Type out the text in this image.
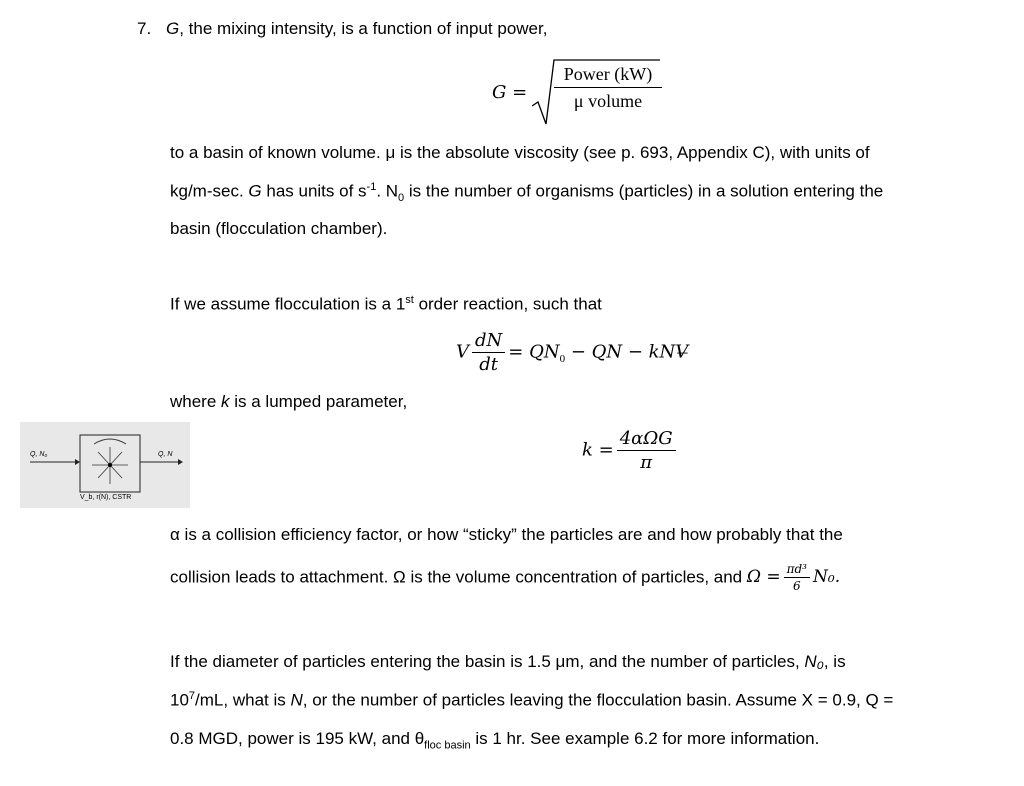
7. G, the mixing intensity, is a function of input power,
G =
Power (kW)
μ volume
to a basin of known volume. μ is the absolute viscosity (see p. 693, Appendix C), with units of
kg/m-sec. G has units of $s^{-1}$. $N_0$ is the number of organisms (particles) in a solution entering the
basin (flocculation chamber).
If we assume flocculation is a 1st order reaction, such that
V $\frac{dN}{dt} = QN_0$ − QN − kNV̶
where k is a lumped parameter,
$k = \frac{\text{4αΩG}}{\pi}$
Q, N₀	Q, N
V_b, r(N), CSTR
α is a collision efficiency factor, or how “sticky” the particles are and how probably that the
collision leads to attachment. Ω is the volume concentration of particles, and $\Omega = \frac{\text{πd³}}{6} N_0$.
If the diameter of particles entering the basin is 1.5 μm, and the number of particles, N₀, is
$10^7/mL$, what is N, or the number of particles leaving the flocculation basin. Assume X = 0.9, Q =
0.8 MGD, power is 195 kW, and $\theta_{floc basin}$ is 1 hr. See example 6.2 for more information.
